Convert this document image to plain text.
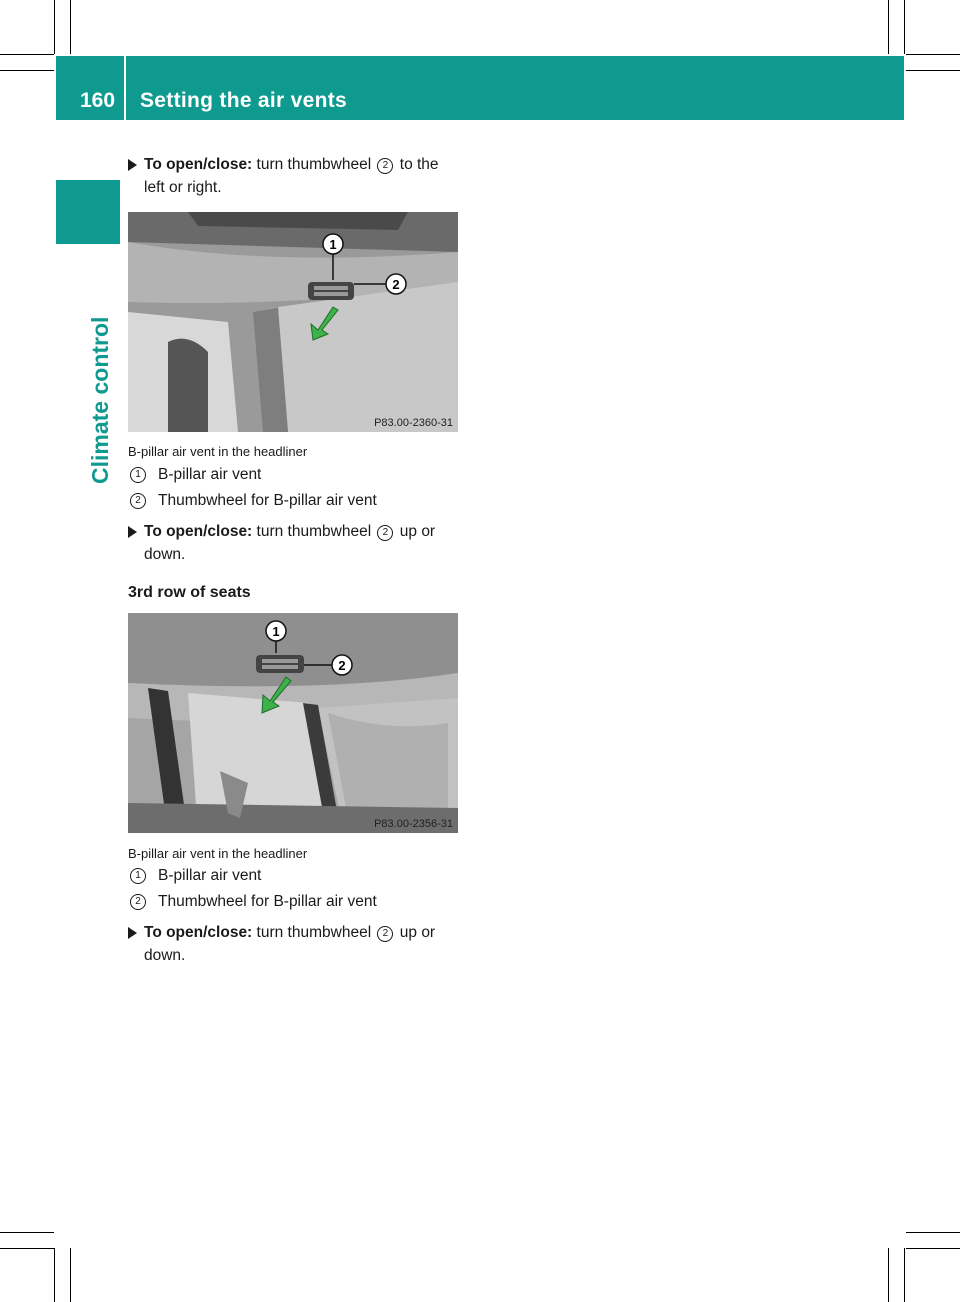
160 Setting the air vents
Climate control

To open/close: turn thumbwheel 2 to the left or right.

1
2
P83.00-2360-31
B-pillar air vent in the headliner
1	B-pillar air vent
2	Thumbwheel for B-pillar air vent

To open/close: turn thumbwheel 2 up or down.

3rd row of seats
1
2
P83.00-2356-31
B-pillar air vent in the headliner
1	B-pillar air vent
2	Thumbwheel for B-pillar air vent

To open/close: turn thumbwheel 2 up or down.
